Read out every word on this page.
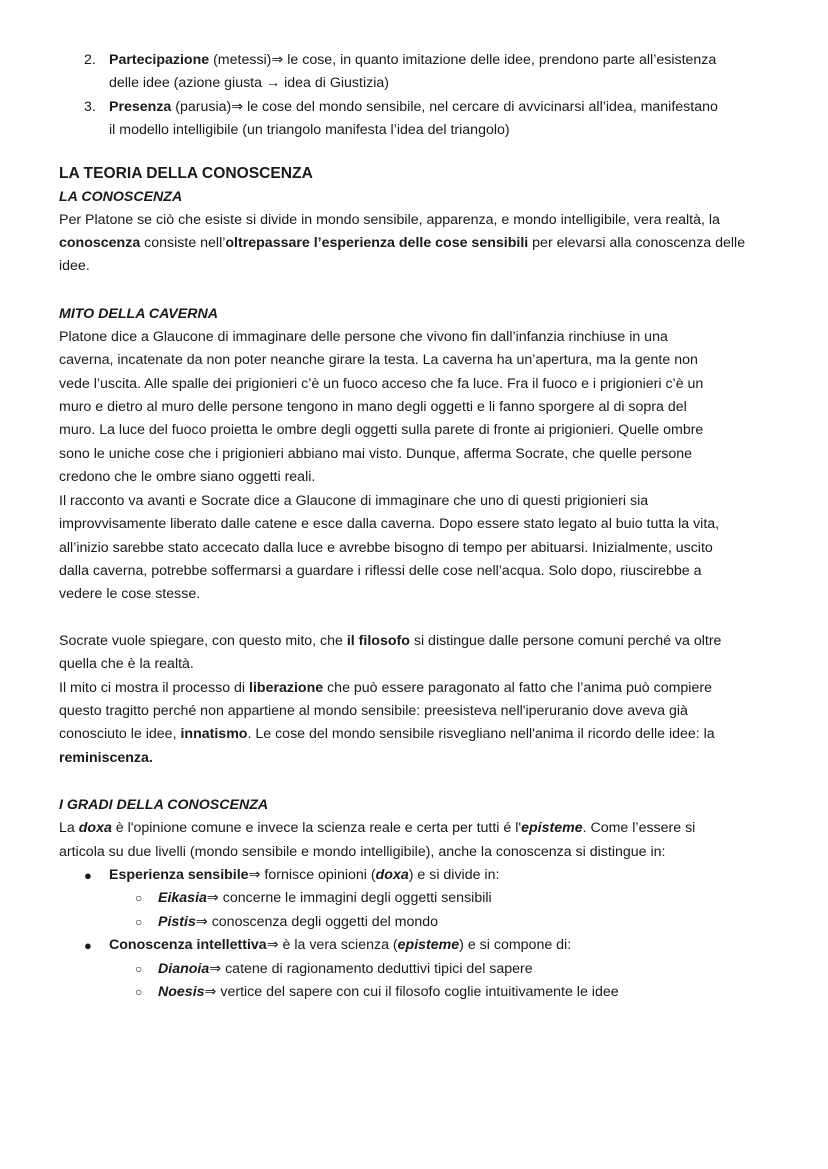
2. Partecipazione (metessi)⇒ le cose, in quanto imitazione delle idee, prendono parte all’esistenza
delle idee (azione giusta → idea di Giustizia)
3. Presenza (parusia)⇒ le cose del mondo sensibile, nel cercare di avvicinarsi all’idea, manifestano
il modello intelligibile (un triangolo manifesta l’idea del triangolo)
LA TEORIA DELLA CONOSCENZA
LA CONOSCENZA

Per Platone se ciò che esiste si divide in mondo sensibile, apparenza, e mondo intelligibile, vera realtà, la
conoscenza consiste nell’oltrepassare l’esperienza delle cose sensibili per elevarsi alla conoscenza delle
idee.

MITO DELLA CAVERNA

Platone dice a Glaucone di immaginare delle persone che vivono fin dall’infanzia rinchiuse in una
caverna, incatenate da non poter neanche girare la testa. La caverna ha un’apertura, ma la gente non
vede l’uscita. Alle spalle dei prigionieri c’è un fuoco acceso che fa luce. Fra il fuoco e i prigionieri c’è un
muro e dietro al muro delle persone tengono in mano degli oggetti e li fanno sporgere al di sopra del
muro. La luce del fuoco proietta le ombre degli oggetti sulla parete di fronte ai prigionieri. Quelle ombre
sono le uniche cose che i prigionieri abbiano mai visto. Dunque, afferma Socrate, che quelle persone
credono che le ombre siano oggetti reali.
Il racconto va avanti e Socrate dice a Glaucone di immaginare che uno di questi prigionieri sia
improvvisamente liberato dalle catene e esce dalla caverna. Dopo essere stato legato al buio tutta la vita,
all’inizio sarebbe stato accecato dalla luce e avrebbe bisogno di tempo per abituarsi. Inizialmente, uscito
dalla caverna, potrebbe soffermarsi a guardare i riflessi delle cose nell’acqua. Solo dopo, riuscirebbe a
vedere le cose stesse.

Socrate vuole spiegare, con questo mito, che il filosofo si distingue dalle persone comuni perché va oltre
quella che è la realtà.

Il mito ci mostra il processo di liberazione che può essere paragonato al fatto che l’anima può compiere
questo tragitto perché non appartiene al mondo sensibile: preesisteva nell'iperuranio dove aveva già
conosciuto le idee, innatismo. Le cose del mondo sensibile risvegliano nell'anima il ricordo delle idee: la
reminiscenza.

I GRADI DELLA CONOSCENZA

La doxa è l'opinione comune e invece la scienza reale e certa per tutti é l'episteme. Come l’essere si
articola su due livelli (mondo sensibile e mondo intelligibile), anche la conoscenza si distingue in:

● Esperienza sensibile⇒ fornisce opinioni (doxa) e si divide in:
○ Eikasia⇒ concerne le immagini degli oggetti sensibili
○ Pistis⇒ conoscenza degli oggetti del mondo
● Conoscenza intellettiva⇒ è la vera scienza (episteme) e si compone di:
○ Dianoia⇒ catene di ragionamento deduttivi tipici del sapere
○ Noesis⇒ vertice del sapere con cui il filosofo coglie intuitivamente le idee
